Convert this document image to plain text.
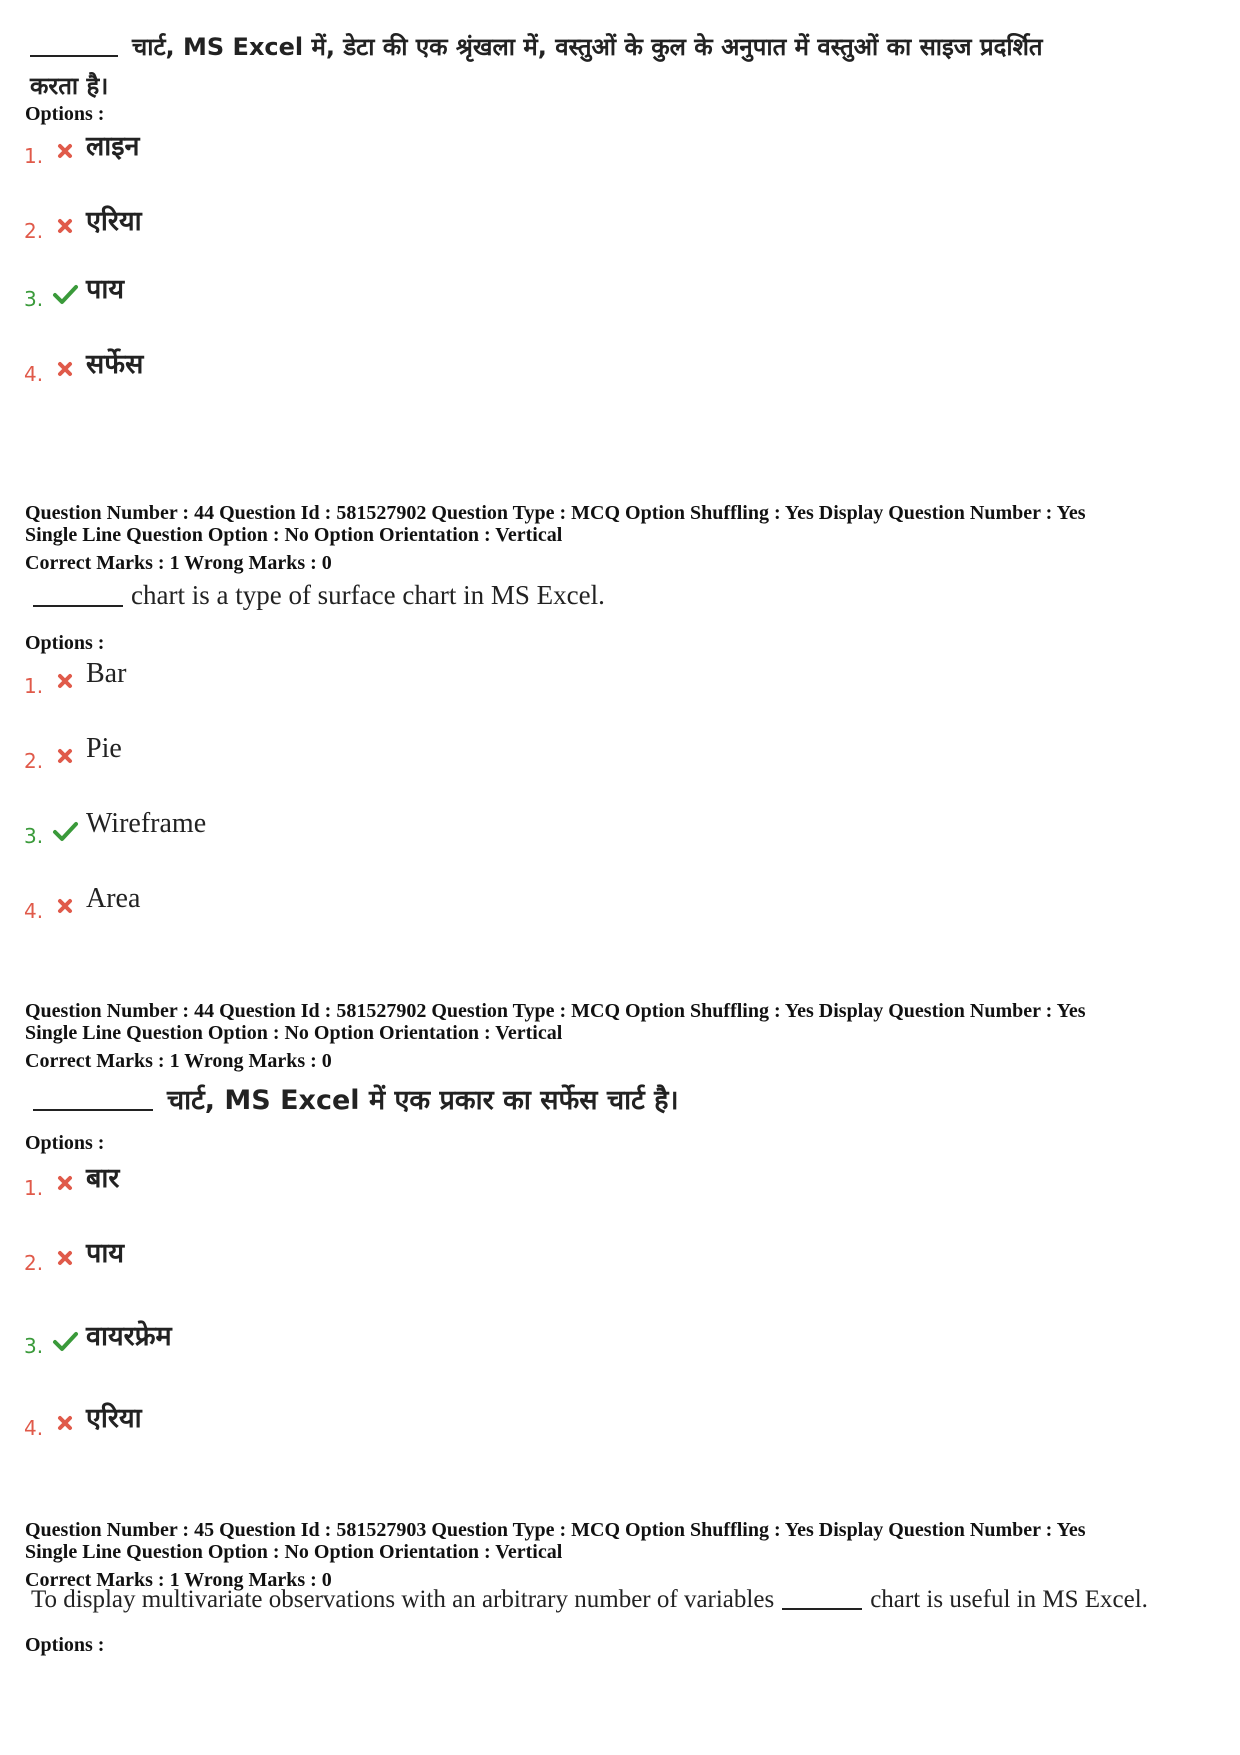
चार्ट, MS Excel में, डेटा की एक श्रृंखला में, वस्तुओं के कुल के अनुपात में वस्तुओं का साइज प्रदर्शित
करता है।
Options :
1. लाइन
2. एरिया
3. पाय
4. सर्फेस
Question Number : 44 Question Id : 581527902 Question Type : MCQ Option Shuffling : Yes Display Question Number : Yes
Single Line Question Option : No Option Orientation : Vertical
Correct Marks : 1 Wrong Marks : 0
chart is a type of surface chart in MS Excel.
Options :
1. Bar
2. Pie
3. Wireframe
4. Area
Question Number : 44 Question Id : 581527902 Question Type : MCQ Option Shuffling : Yes Display Question Number : Yes
Single Line Question Option : No Option Orientation : Vertical
Correct Marks : 1 Wrong Marks : 0
चार्ट, MS Excel में एक प्रकार का सर्फेस चार्ट है।
Options :
1. बार
2. पाय
3. वायरफ्रेम
4. एरिया
Question Number : 45 Question Id : 581527903 Question Type : MCQ Option Shuffling : Yes Display Question Number : Yes
Single Line Question Option : No Option Orientation : Vertical
Correct Marks : 1 Wrong Marks : 0
To display multivariate observations with an arbitrary number of variables	chart is useful in MS Excel.
Options :
